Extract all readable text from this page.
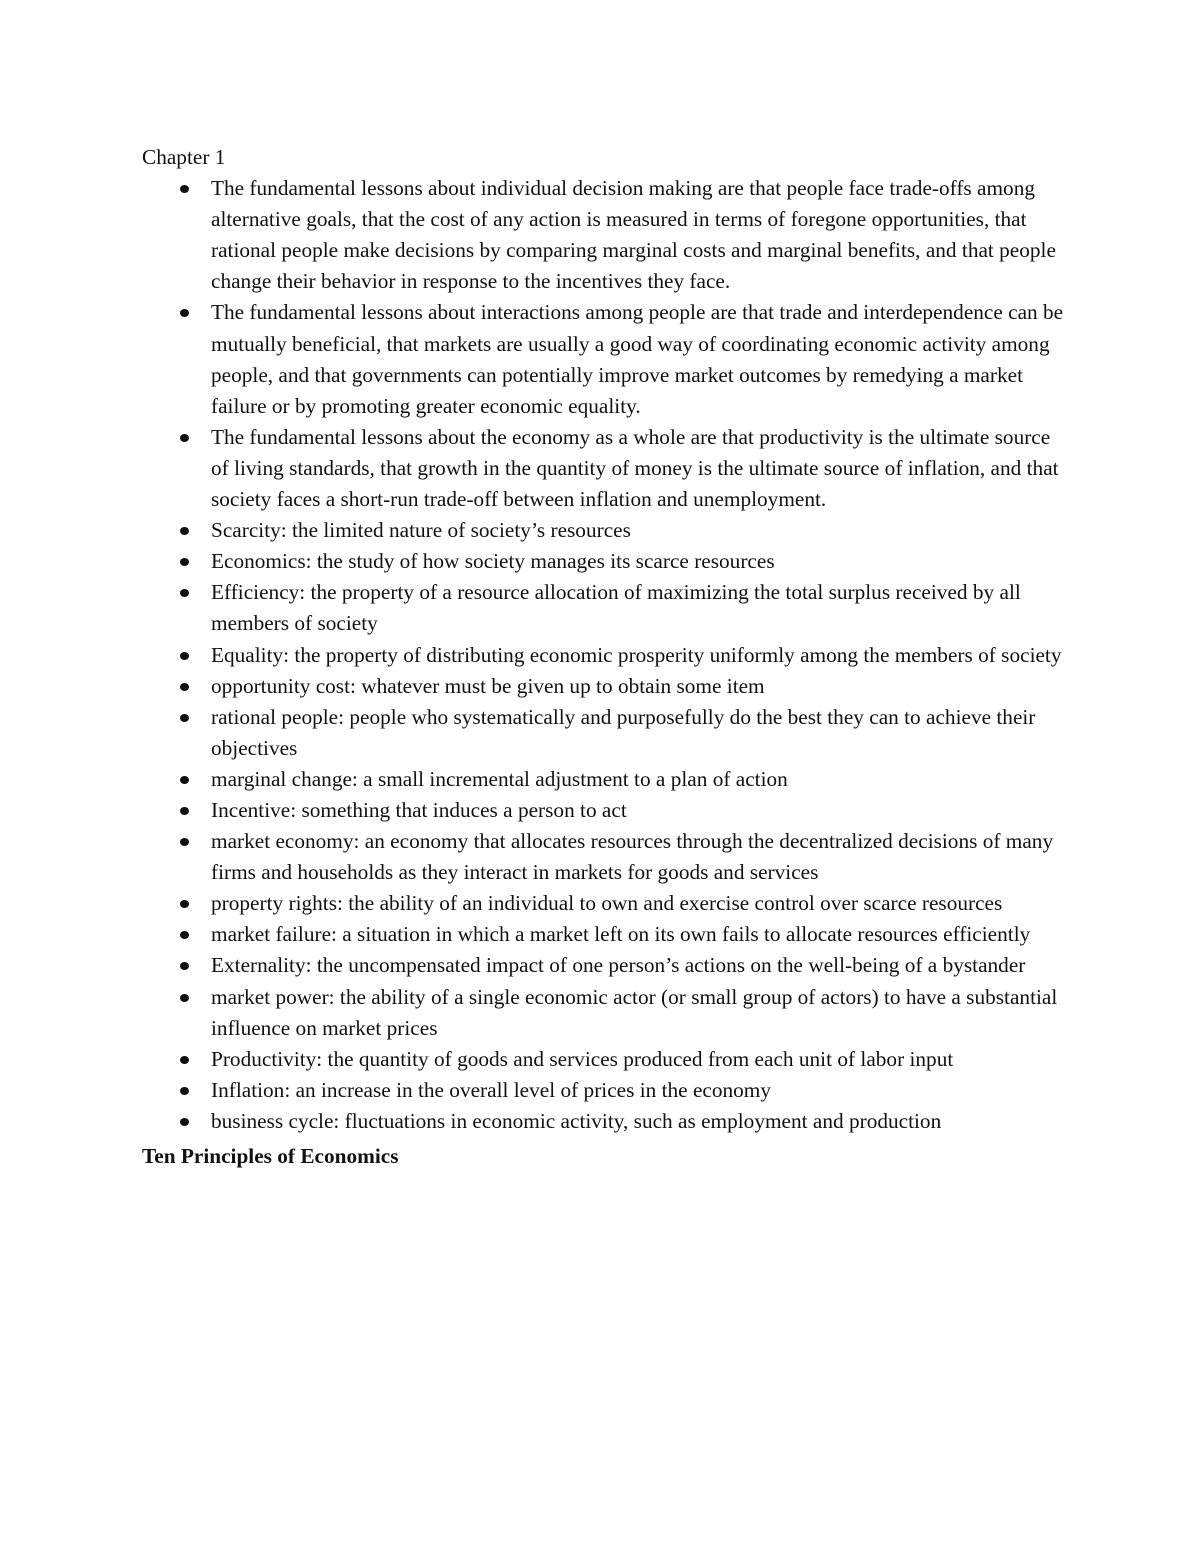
Chapter 1

The fundamental lessons about individual decision making are that people face trade-offs among alternative goals, that the cost of any action is measured in terms of foregone opportunities, that rational people make decisions by comparing marginal costs and marginal benefits, and that people change their behavior in response to the incentives they face.
The fundamental lessons about interactions among people are that trade and interdependence can be mutually beneficial, that markets are usually a good way of coordinating economic activity among people, and that governments can potentially improve market outcomes by remedying a market failure or by promoting greater economic equality.
The fundamental lessons about the economy as a whole are that productivity is the ultimate source of living standards, that growth in the quantity of money is the ultimate source of inflation, and that society faces a short-run trade-off between inflation and unemployment.
Scarcity: the limited nature of society’s resources
Economics: the study of how society manages its scarce resources
Efficiency: the property of a resource allocation of maximizing the total surplus received by all members of society
Equality: the property of distributing economic prosperity uniformly among the members of society
opportunity cost: whatever must be given up to obtain some item
rational people: people who systematically and purposefully do the best they can to achieve their objectives
marginal change: a small incremental adjustment to a plan of action
Incentive: something that induces a person to act
market economy: an economy that allocates resources through the decentralized decisions of many firms and households as they interact in markets for goods and services
property rights: the ability of an individual to own and exercise control over scarce resources
market failure: a situation in which a market left on its own fails to allocate resources efficiently
Externality: the uncompensated impact of one person’s actions on the well-being of a bystander
market power: the ability of a single economic actor (or small group of actors) to have a substantial influence on market prices
Productivity: the quantity of goods and services produced from each unit of labor input
Inflation: an increase in the overall level of prices in the economy
business cycle: fluctuations in economic activity, such as employment and production

Ten Principles of Economics
